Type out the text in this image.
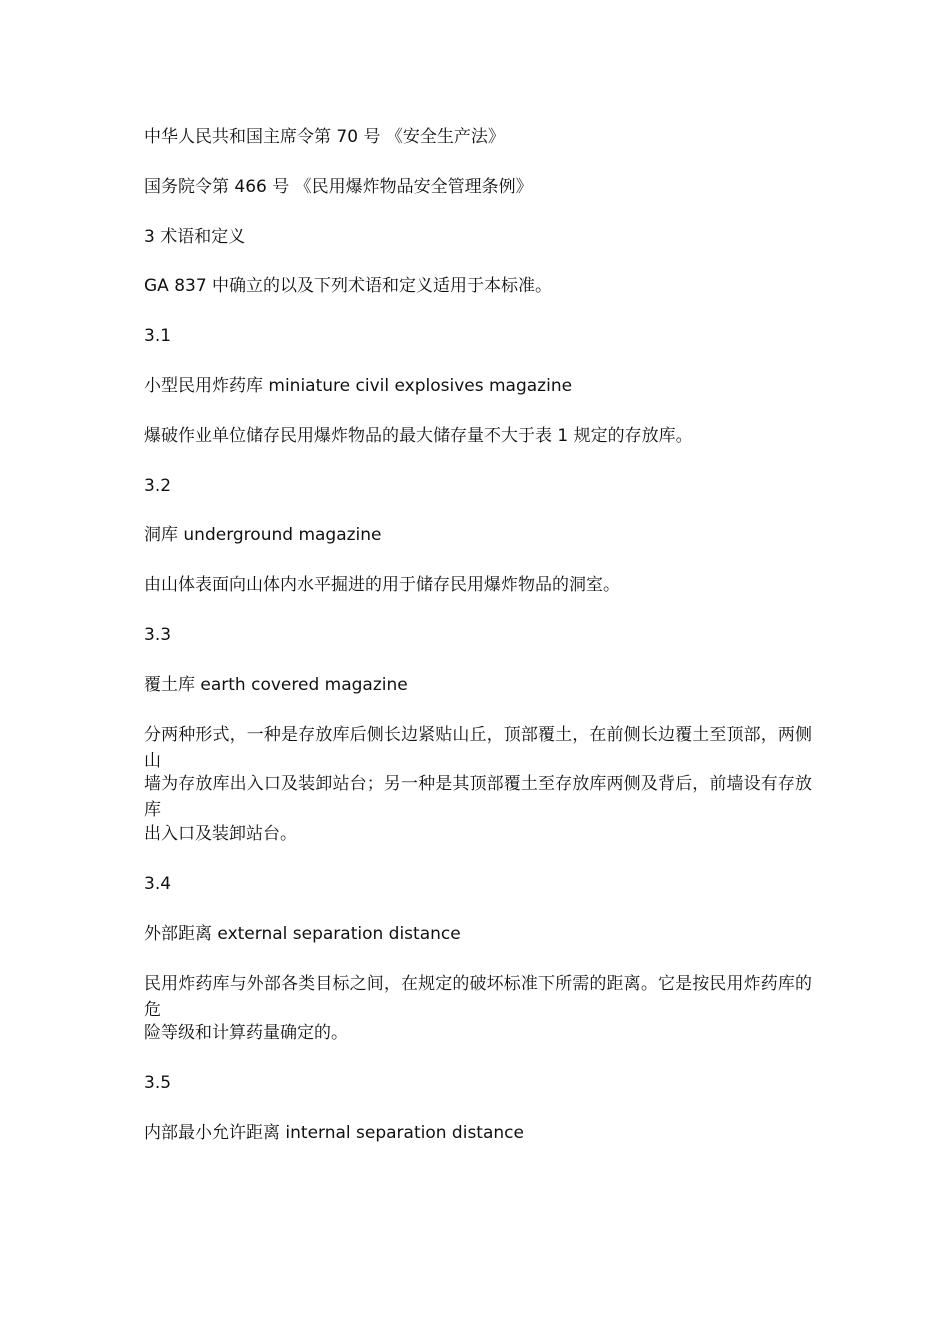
中华人民共和国主席令第 70 号 《安全生产法》
国务院令第 466 号 《民用爆炸物品安全管理条例》
3 术语和定义
GA 837 中确立的以及下列术语和定义适用于本标准。
3.1
小型民用炸药库 miniature civil explosives magazine
爆破作业单位储存民用爆炸物品的最大储存量不大于表 1 规定的存放库。
3.2
洞库 underground magazine
由山体表面向山体内水平掘进的用于储存民用爆炸物品的洞室。
3.3
覆土库 earth covered magazine
分两种形式，一种是存放库后侧长边紧贴山丘，顶部覆土，在前侧长边覆土至顶部，两侧山
墙为存放库出入口及装卸站台；另一种是其顶部覆土至存放库两侧及背后，前墙设有存放库
出入口及装卸站台。
3.4
外部距离 external separation distance
民用炸药库与外部各类目标之间，在规定的破坏标准下所需的距离。它是按民用炸药库的危
险等级和计算药量确定的。
3.5
内部最小允许距离 internal separation distance
